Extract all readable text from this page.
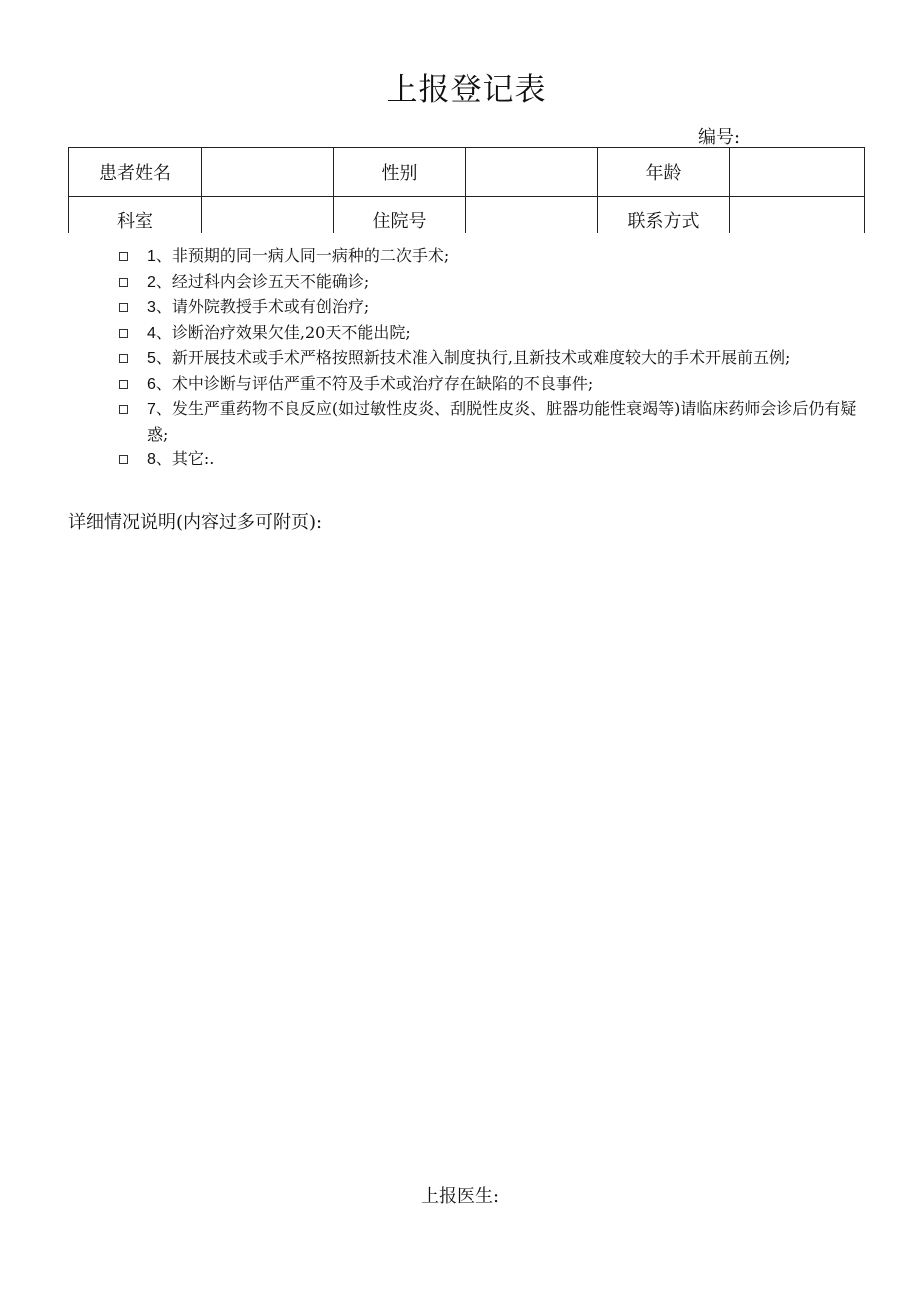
上报登记表
编号:
患者姓名		性别		年龄	
科室		住院号		联系方式	
1、非预期的同一病人同一病种的二次手术;
2、经过科内会诊五天不能确诊;
3、请外院教授手术或有创治疗;
4、诊断治疗效果欠佳,20天不能出院;
5、新开展技术或手术严格按照新技术准入制度执行,且新技术或难度较大的手术开展前五例;
6、术中诊断与评估严重不符及手术或治疗存在缺陷的不良事件;
7、发生严重药物不良反应(如过敏性皮炎、刮脱性皮炎、脏器功能性衰竭等)请临床药师会诊后仍有疑惑;
8、其它:.

详细情况说明(内容过多可附页):

上报医生:
